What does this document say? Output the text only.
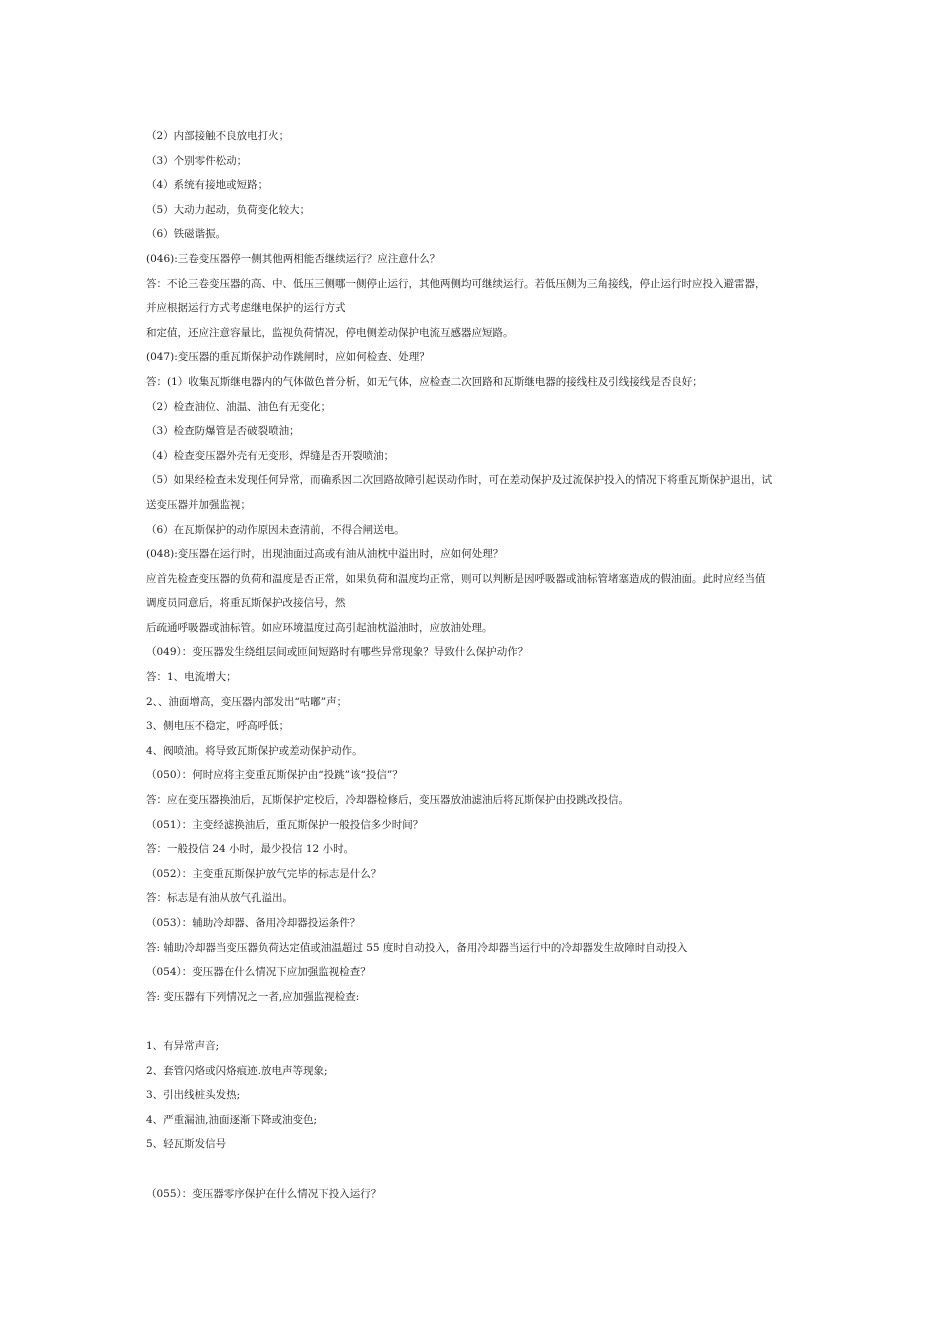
（2）内部接触不良放电打火；
（3）个别零件松动；
（4）系统有接地或短路；
（5）大动力起动，负荷变化较大；
（6）铁磁谐振。
(046):三卷变压器停一侧其他两相能否继续运行？应注意什么？
答：不论三卷变压器的高、中、低压三侧哪一侧停止运行，其他两侧均可继续运行。若低压侧为三角接线，停止运行时应投入避雷器，
并应根据运行方式考虑继电保护的运行方式
和定值，还应注意容量比，监视负荷情况，停电侧差动保护电流互感器应短路。
(047):变压器的重瓦斯保护动作跳闸时，应如何检查、处理？
答：(1）收集瓦斯继电器内的气体做色普分析，如无气体，应检查二次回路和瓦斯继电器的接线柱及引线接线是否良好；
（2）检查油位、油温、油色有无变化；
（3）检查防爆管是否破裂喷油；
（4）检查变压器外壳有无变形，焊缝是否开裂喷油；
（5）如果经检查未发现任何异常，而确系因二次回路故障引起误动作时，可在差动保护及过流保护投入的情况下将重瓦斯保护退出，试
送变压器并加强监视；
（6）在瓦斯保护的动作原因未查清前，不得合闸送电。
(048):变压器在运行时，出现油面过高或有油从油枕中溢出时，应如何处理？
应首先检查变压器的负荷和温度是否正常，如果负荷和温度均正常，则可以判断是因呼吸器或油标管堵塞造成的假油面。此时应经当值
调度员同意后，将重瓦斯保护改接信号，然
后疏通呼吸器或油标管。如应环境温度过高引起油枕溢油时，应放油处理。
（049）：变压器发生绕组层间或匝间短路时有哪些异常现象？导致什么保护动作？
答：1、电流增大；
2、、油面增高，变压器内部发出“咕嘟”声；
3、侧电压不稳定，呼高呼低；
4、阀喷油。将导致瓦斯保护或差动保护动作。
（050）：何时应将主变重瓦斯保护由“投跳”该“投信”？
答：应在变压器换油后，瓦斯保护定校后，冷却器检修后，变压器放油滤油后将瓦斯保护由投跳改投信。
（051）：主变经滤换油后，重瓦斯保护一般投信多少时间？
答：一般投信 24 小时，最少投信 12 小时。
（052）：主变重瓦斯保护放气完毕的标志是什么？
答：标志是有油从放气孔溢出。
（053）：辅助冷却器、备用冷却器投运条件？
答: 辅助冷却器当变压器负荷达定值或油温超过 55 度时自动投入，备用冷却器当运行中的冷却器发生故障时自动投入
（054）：变压器在什么情况下应加强监视检查？
答: 变压器有下列情况之一者,应加强监视检查:
1、有异常声音;
2、套管闪烙或闪烙痕迹.放电声等现象;
3、引出线桩头发热;
4、严重漏油,油面逐渐下降或油变色;
5、轻瓦斯发信号
（055）：变压器零序保护在什么情况下投入运行？
